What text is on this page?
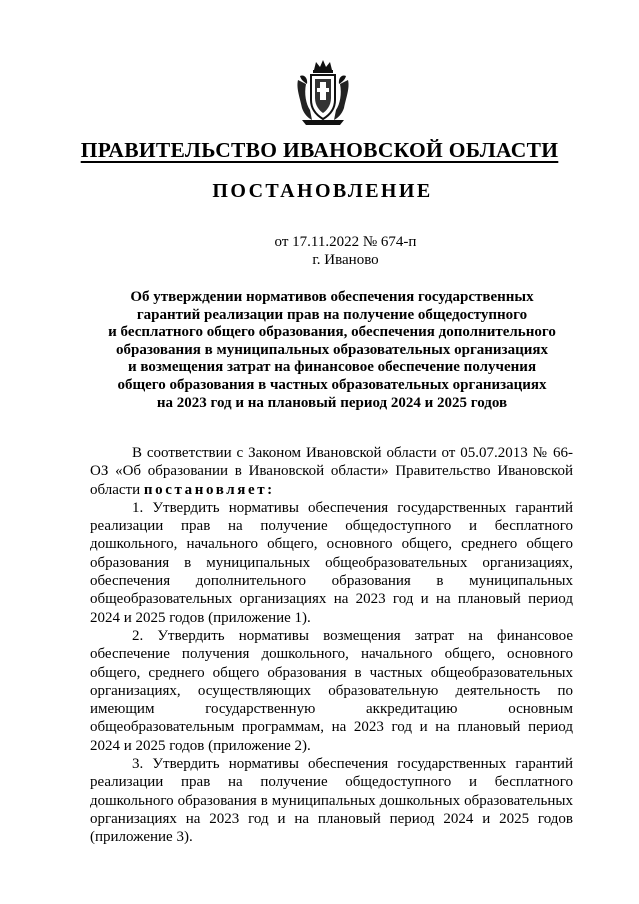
ПРАВИТЕЛЬСТВО ИВАНОВСКОЙ ОБЛАСТИ
ПОСТАНОВЛЕНИЕ
от 17.11.2022 № 674-п
г. Иваново
Об утверждении нормативов обеспечения государственных
гарантий реализации прав на получение общедоступного
и бесплатного общего образования, обеспечения дополнительного
образования в муниципальных образовательных организациях
и возмещения затрат на финансовое обеспечение получения
общего образования в частных образовательных организациях
на 2023 год и на плановый период 2024 и 2025 годов

В соответствии с Законом Ивановской области от 05.07.2013 № 66-ОЗ «Об образовании в Ивановской области» Правительство Ивановской области постановляет:

1. Утвердить нормативы обеспечения государственных гарантий реализации прав на получение общедоступного и бесплатного дошкольного, начального общего, основного общего, среднего общего образования в муниципальных общеобразовательных организациях, обеспечения дополнительного образования в муниципальных общеобразовательных организациях на 2023 год и на плановый период 2024 и 2025 годов (приложение 1).

2. Утвердить нормативы возмещения затрат на финансовое обеспечение получения дошкольного, начального общего, основного общего, среднего общего образования в частных общеобразовательных организациях, осуществляющих образовательную деятельность по имеющим государственную аккредитацию основным общеобразовательным программам, на 2023 год и на плановый период 2024 и 2025 годов (приложение 2).

3. Утвердить нормативы обеспечения государственных гарантий реализации прав на получение общедоступного и бесплатного дошкольного образования в муниципальных дошкольных образовательных организациях на 2023 год и на плановый период 2024 и 2025 годов (приложение 3).
